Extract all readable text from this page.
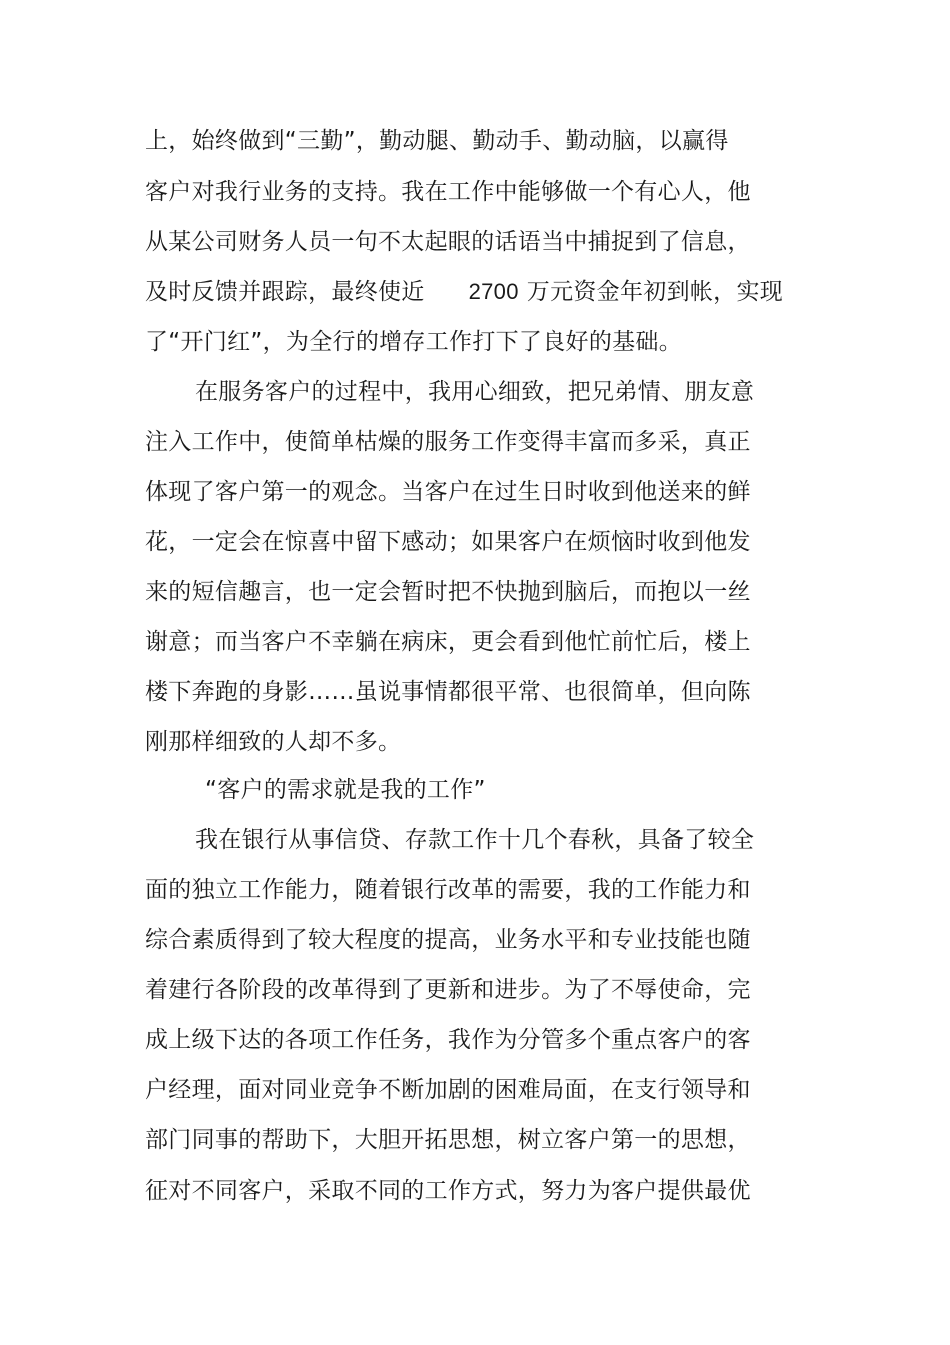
上，始终做到“三勤”，勤动腿、勤动手、勤动脑，以赢得
客户对我行业务的支持。我在工作中能够做一个有心人，他
从某公司财务人员一句不太起眼的话语当中捕捉到了信息，
及时反馈并跟踪，最终使近 2700 万元资金年初到帐，实现
了“开门红”，为全行的增存工作打下了良好的基础。
在服务客户的过程中，我用心细致，把兄弟情、朋友意
注入工作中，使简单枯燥的服务工作变得丰富而多采，真正
体现了客户第一的观念。当客户在过生日时收到他送来的鲜
花，一定会在惊喜中留下感动；如果客户在烦恼时收到他发
来的短信趣言，也一定会暂时把不快抛到脑后，而抱以一丝
谢意；而当客户不幸躺在病床，更会看到他忙前忙后，楼上
楼下奔跑的身影……虽说事情都很平常、也很简单，但向陈
刚那样细致的人却不多。
“客户的需求就是我的工作”
我在银行从事信贷、存款工作十几个春秋，具备了较全
面的独立工作能力，随着银行改革的需要，我的工作能力和
综合素质得到了较大程度的提高，业务水平和专业技能也随
着建行各阶段的改革得到了更新和进步。为了不辱使命，完
成上级下达的各项工作任务，我作为分管多个重点客户的客
户经理，面对同业竞争不断加剧的困难局面，在支行领导和
部门同事的帮助下，大胆开拓思想，树立客户第一的思想，
征对不同客户，采取不同的工作方式，努力为客户提供最优
